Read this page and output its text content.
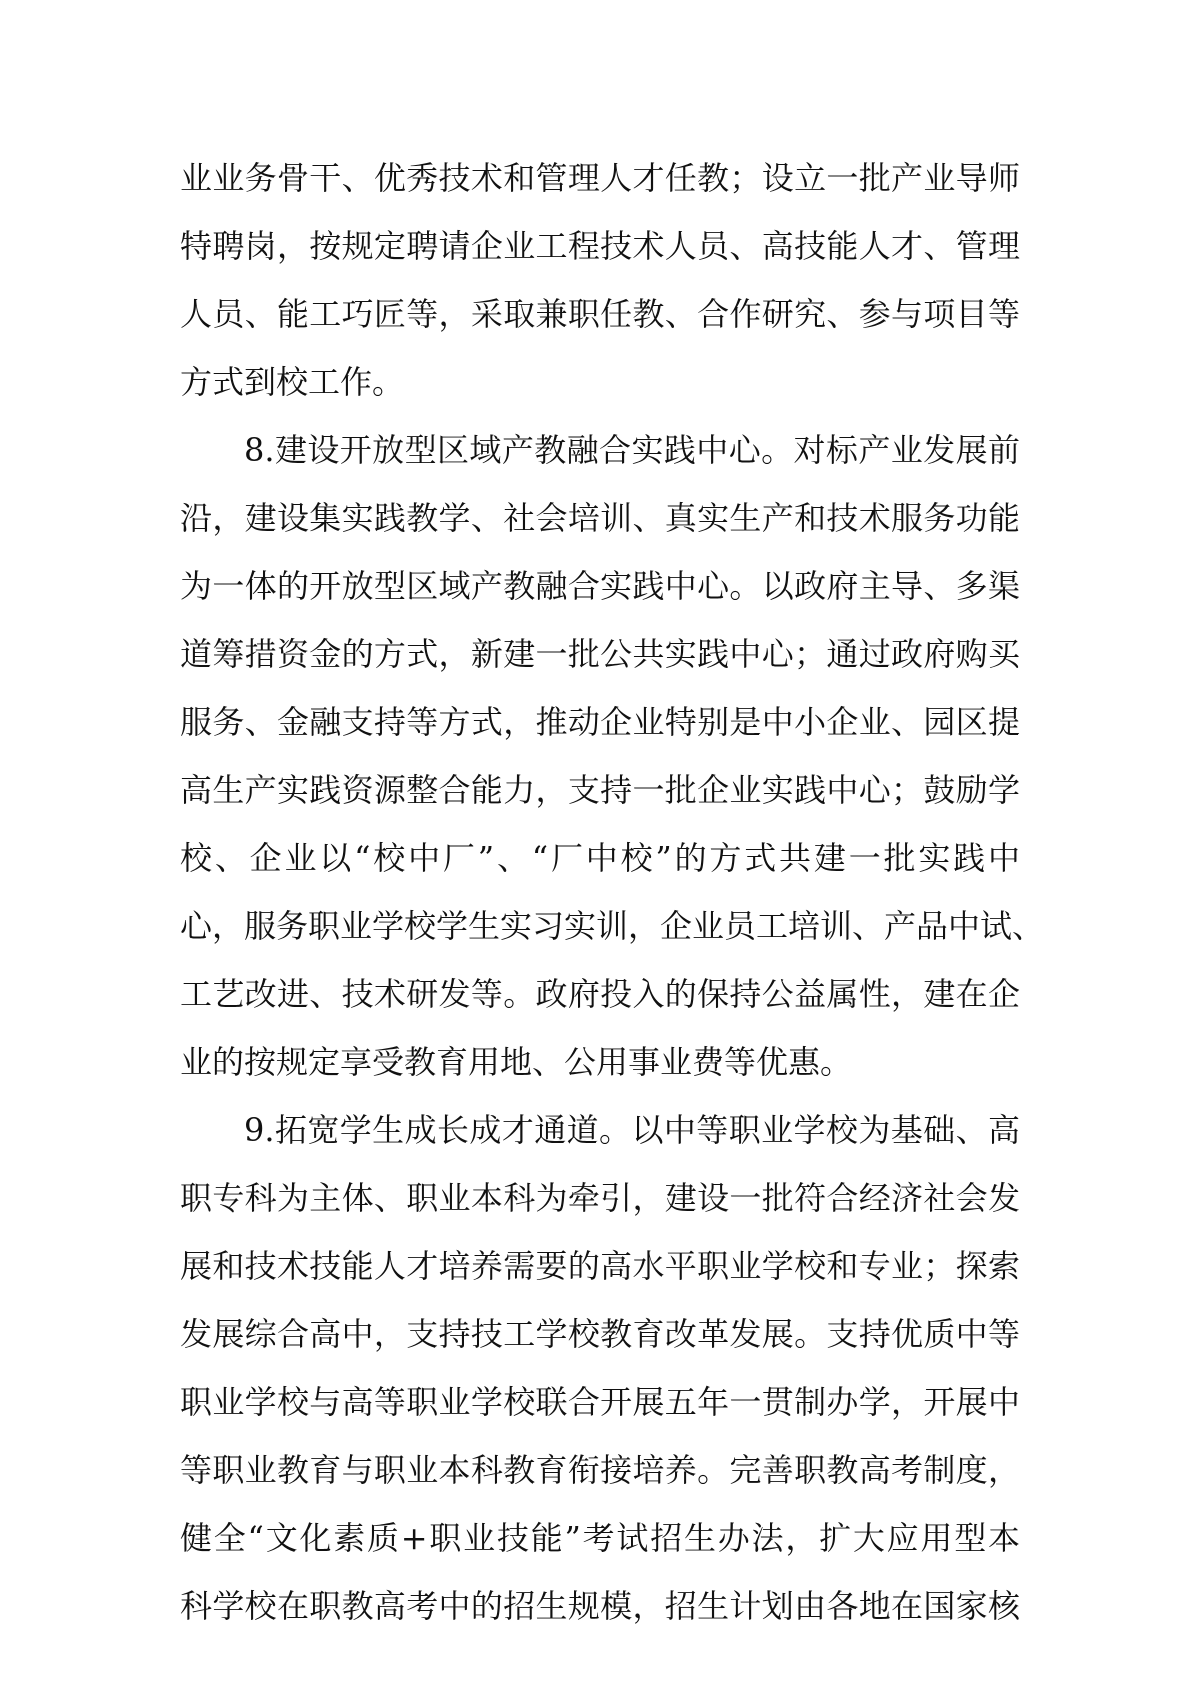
业业务骨干、优秀技术和管理人才任教；设立一批产业导师
特聘岗，按规定聘请企业工程技术人员、高技能人才、管理
人员、能工巧匠等，采取兼职任教、合作研究、参与项目等
方式到校工作。
8.建设开放型区域产教融合实践中心。对标产业发展前
沿，建设集实践教学、社会培训、真实生产和技术服务功能
为一体的开放型区域产教融合实践中心。以政府主导、多渠
道筹措资金的方式，新建一批公共实践中心；通过政府购买
服务、金融支持等方式，推动企业特别是中小企业、园区提
高生产实践资源整合能力，支持一批企业实践中心；鼓励学
校、企业以“校中厂”、“厂中校”的方式共建一批实践中
心，服务职业学校学生实习实训，企业员工培训、产品中试、
工艺改进、技术研发等。政府投入的保持公益属性，建在企
业的按规定享受教育用地、公用事业费等优惠。
9.拓宽学生成长成才通道。以中等职业学校为基础、高
职专科为主体、职业本科为牵引，建设一批符合经济社会发
展和技术技能人才培养需要的高水平职业学校和专业；探索
发展综合高中，支持技工学校教育改革发展。支持优质中等
职业学校与高等职业学校联合开展五年一贯制办学，开展中
等职业教育与职业本科教育衔接培养。完善职教高考制度，
健全“文化素质+职业技能”考试招生办法，扩大应用型本
科学校在职教高考中的招生规模，招生计划由各地在国家核
